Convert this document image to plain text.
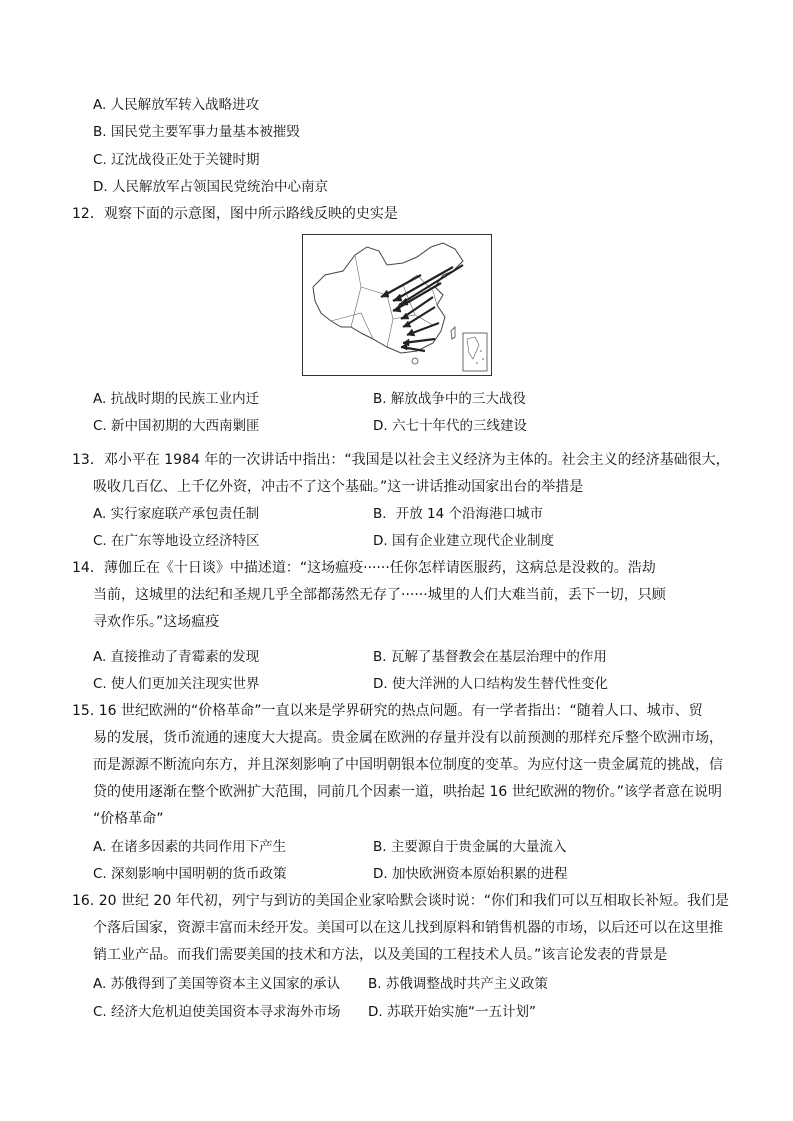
A. 人民解放军转入战略进攻
B. 国民党主要军事力量基本被摧毁
C. 辽沈战役正处于关键时期
D. 人民解放军占领国民党统治中心南京
12．观察下面的示意图，图中所示路线反映的史实是
A. 抗战时期的民族工业内迁	B. 解放战争中的三大战役
C. 新中国初期的大西南剿匪	D. 六七十年代的三线建设
13．邓小平在 1984 年的一次讲话中指出：“我国是以社会主义经济为主体的。社会主义的经济基础很大，
吸收几百亿、上千亿外资，冲击不了这个基础。”这一讲话推动国家出台的举措是
A. 实行家庭联产承包责任制	B．开放 14 个沿海港口城市
C. 在广东等地设立经济特区	D. 国有企业建立现代企业制度
14．薄伽丘在《十日谈》中描述道：“这场瘟疫······任你怎样请医服药，这病总是没救的。浩劫
当前，这城里的法纪和圣规几乎全部都荡然无存了······城里的人们大难当前，丢下一切，只顾
寻欢作乐。”这场瘟疫
A. 直接推动了青霉素的发现	B. 瓦解了基督教会在基层治理中的作用
C. 使人们更加关注现实世界	D. 使大洋洲的人口结构发生替代性变化
15. 16 世纪欧洲的“价格革命”一直以来是学界研究的热点问题。有一学者指出：“随着人口、城市、贸
易的发展，货币流通的速度大大提高。贵金属在欧洲的存量并没有以前预测的那样充斥整个欧洲市场，
而是源源不断流向东方，并且深刻影响了中国明朝银本位制度的变革。为应付这一贵金属荒的挑战，信
贷的使用逐渐在整个欧洲扩大范围，同前几个因素一道，哄抬起 16 世纪欧洲的物价。”该学者意在说明
“价格革命”
A. 在诸多因素的共同作用下产生	B. 主要源自于贵金属的大量流入
C. 深刻影响中国明朝的货币政策	D. 加快欧洲资本原始积累的进程
16. 20 世纪 20 年代初，列宁与到访的美国企业家哈默会谈时说：“你们和我们可以互相取长补短。我们是
个落后国家，资源丰富而未经开发。美国可以在这儿找到原料和销售机器的市场，以后还可以在这里推
销工业产品。而我们需要美国的技术和方法，以及美国的工程技术人员。”该言论发表的背景是
A. 苏俄得到了美国等资本主义国家的承认 B. 苏俄调整战时共产主义政策
C. 经济大危机迫使美国资本寻求海外市场 D. 苏联开始实施“一五计划”
